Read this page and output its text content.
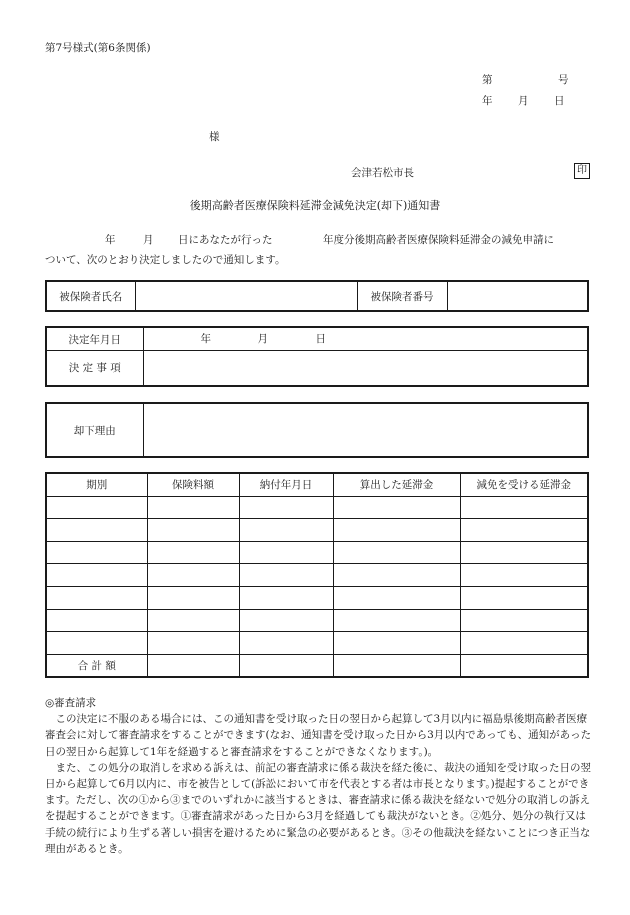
第7号様式(第6条関係)
第	号
年 月 日
様
会津若松市長	印
後期高齢者医療保険料延滞金減免決定(却下)通知書
年	月 日にあなたが行った	年度分後期高齢者医療保険料延滞金の減免申請に
ついて、次のとおり決定しましたので通知します。
被保険者氏名		被保険者番号	
決定年月日	年 月 日

決 定 事 項	
却下理由	
期別	保険料額	納付年月日	算出した延滞金	減免を受ける延滞金

合 計 額				

◎審査請求

この決定に不服のある場合には、この通知書を受け取った日の翌日から起算して3月以内に福島県後期高齢者医療審査会に対して審査請求をすることができます(なお、通知書を受け取った日から3月以内であっても、通知があった日の翌日から起算して1年を経過すると審査請求をすることができなくなります。)。

また、この処分の取消しを求める訴えは、前記の審査請求に係る裁決を経た後に、裁決の通知を受け取った日の翌日から起算して6月以内に、市を被告として(訴訟において市を代表とする者は市長となります。)提起することができます。ただし、次の①から③までのいずれかに該当するときは、審査請求に係る裁決を経ないで処分の取消しの訴えを提起することができます。①審査請求があった日から3月を経過しても裁決がないとき。②処分、処分の執行又は手続の続行により生ずる著しい損害を避けるために緊急の必要があるとき。③その他裁決を経ないことにつき正当な理由があるとき。
